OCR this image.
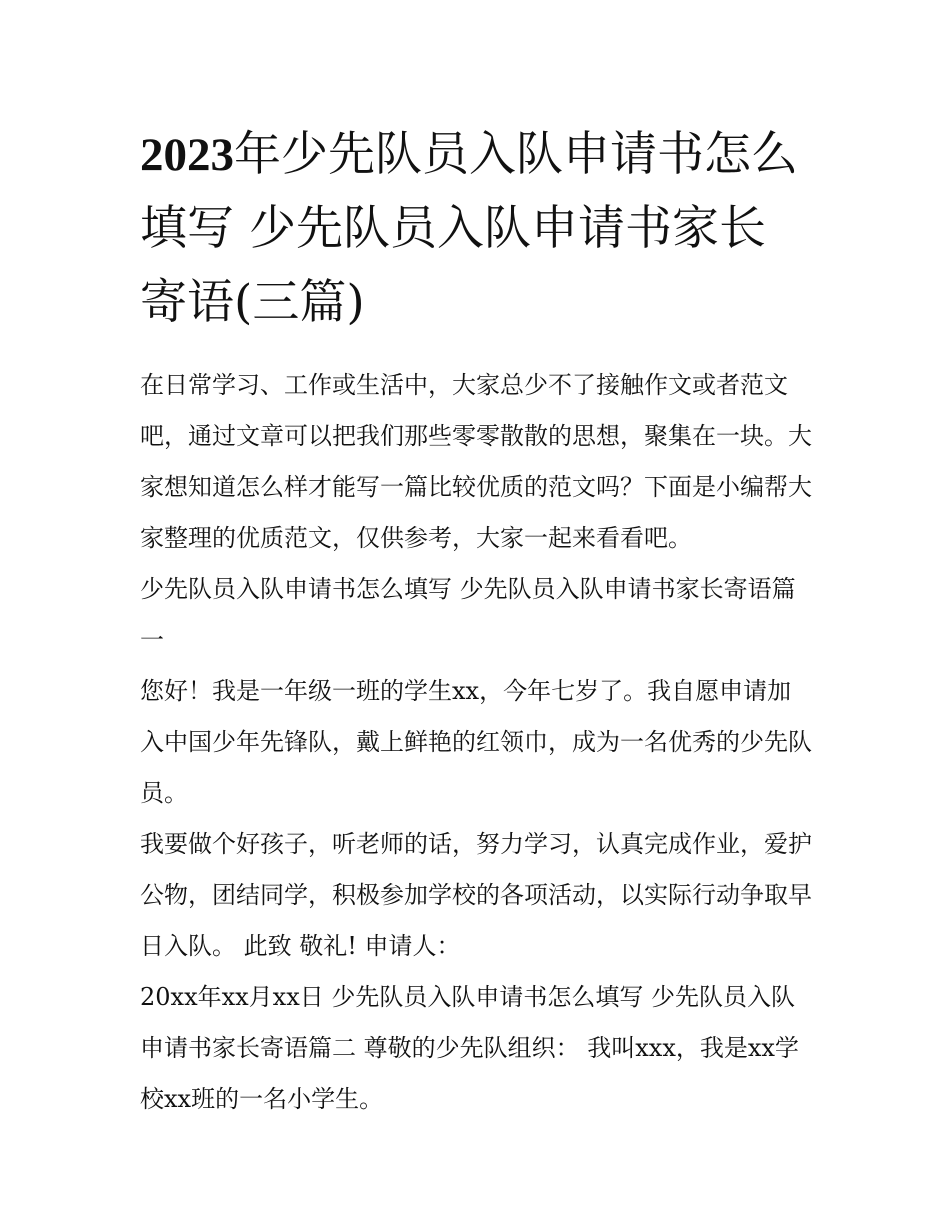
2023年少先队员入队申请书怎么填写 少先队员入队申请书家长寄语(三篇)

在日常学习、工作或生活中，大家总少不了接触作文或者范文吧，通过文章可以把我们那些零零散散的思想，聚集在一块。大家想知道怎么样才能写一篇比较优质的范文吗？下面是小编帮大家整理的优质范文，仅供参考，大家一起来看看吧。

少先队员入队申请书怎么填写 少先队员入队申请书家长寄语篇一

您好！我是一年级一班的学生xx，今年七岁了。我自愿申请加入中国少年先锋队，戴上鲜艳的红领巾，成为一名优秀的少先队员。

我要做个好孩子，听老师的话，努力学习，认真完成作业，爱护公物，团结同学，积极参加学校的各项活动，以实际行动争取早日入队。 此致 敬礼! 申请人：

20xx年xx月xx日 少先队员入队申请书怎么填写 少先队员入队申请书家长寄语篇二 尊敬的少先队组织： 我叫xxx，我是xx学校xx班的一名小学生。
